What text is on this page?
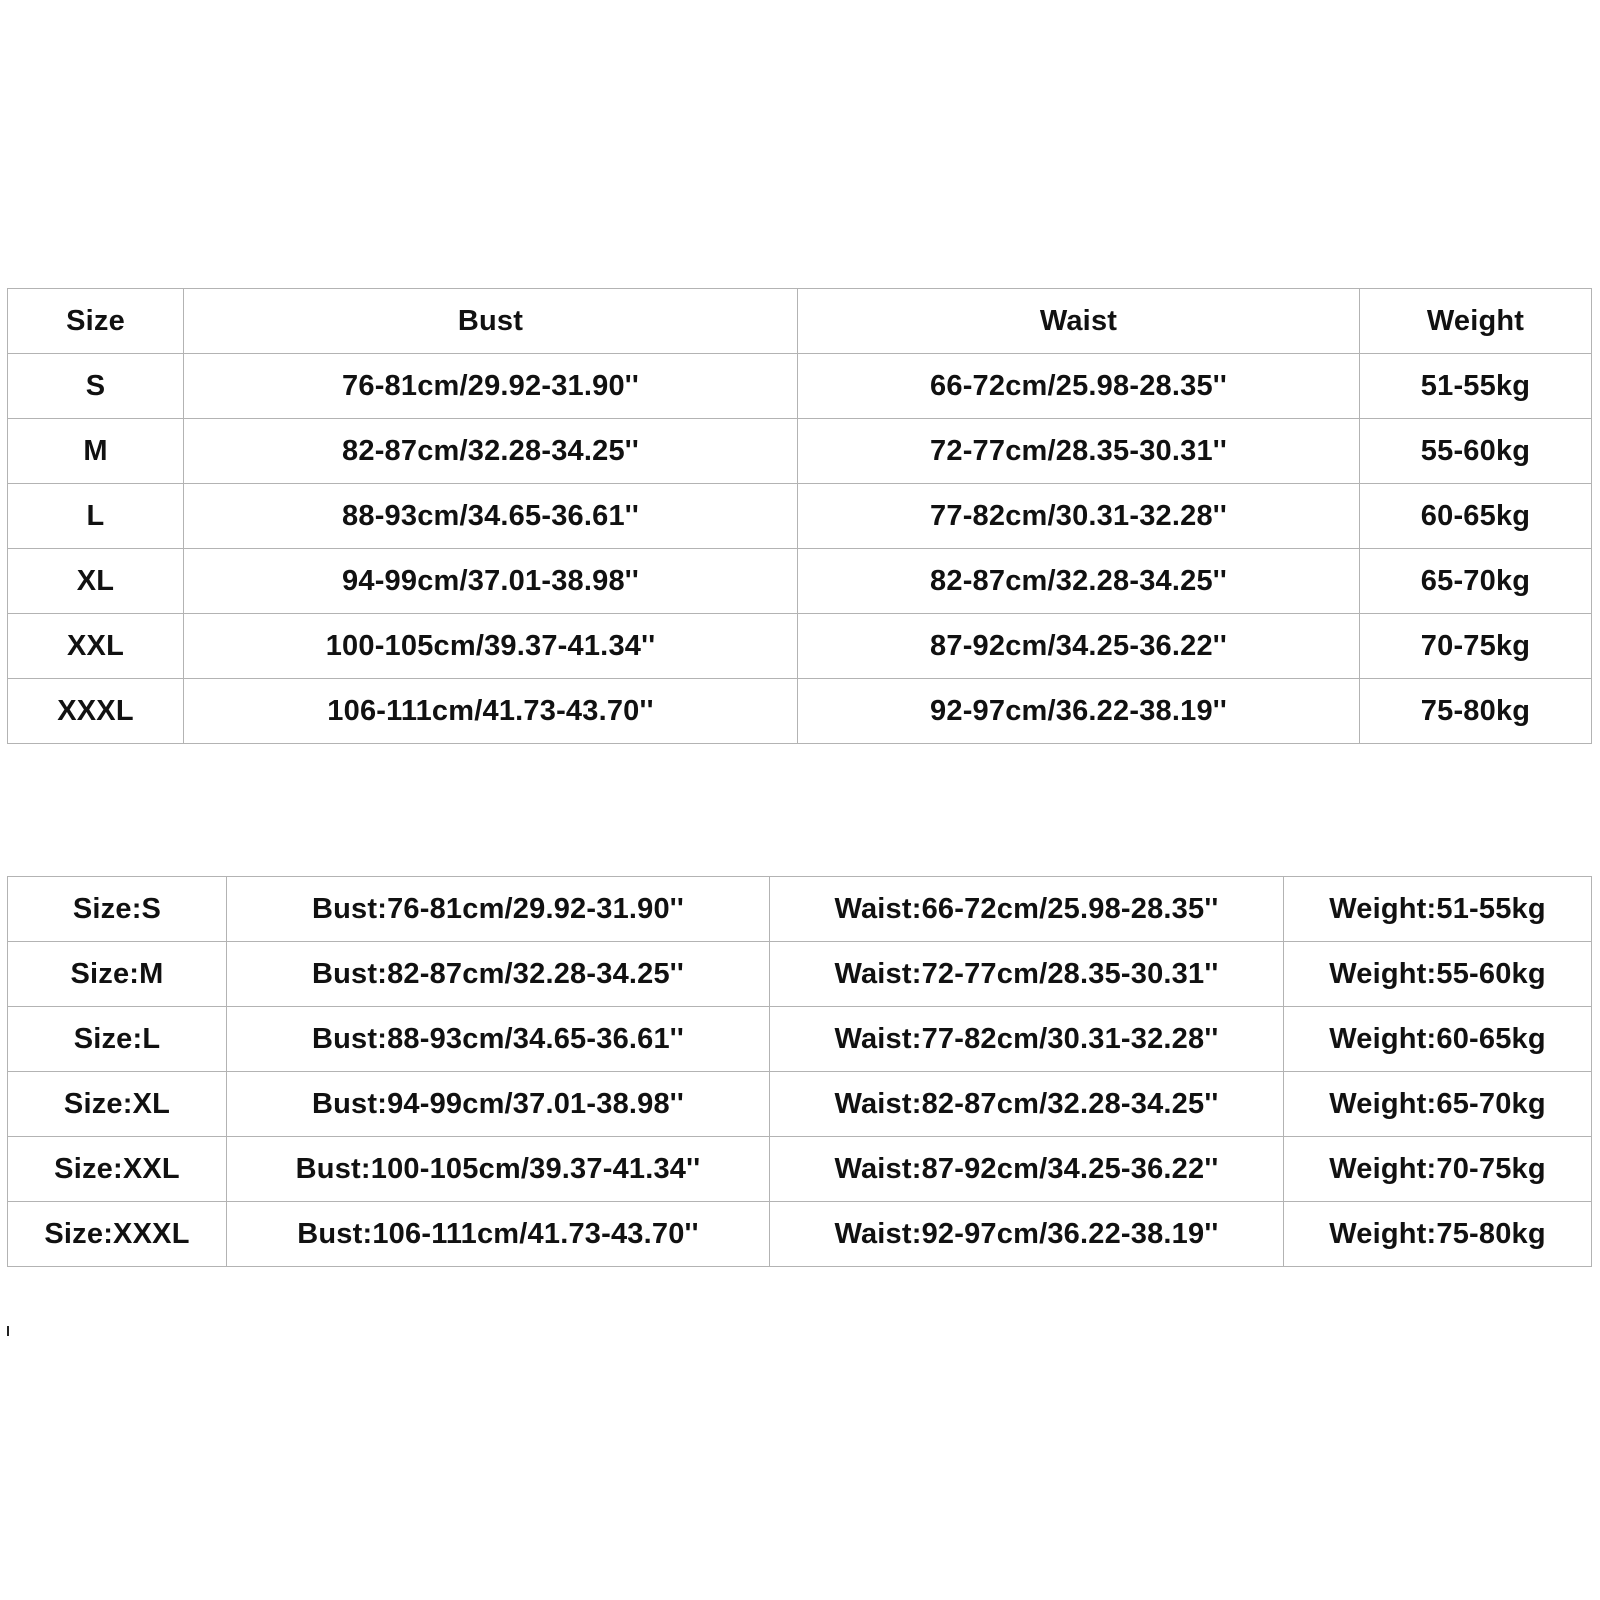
Size	Bust	Waist	Weight
S	76-81cm/29.92-31.90''	66-72cm/25.98-28.35''	51-55kg
M	82-87cm/32.28-34.25''	72-77cm/28.35-30.31''	55-60kg
L	88-93cm/34.65-36.61''	77-82cm/30.31-32.28''	60-65kg
XL	94-99cm/37.01-38.98''	82-87cm/32.28-34.25''	65-70kg
XXL	100-105cm/39.37-41.34''	87-92cm/34.25-36.22''	70-75kg
XXXL	106-111cm/41.73-43.70''	92-97cm/36.22-38.19''	75-80kg
Size:S	Bust:76-81cm/29.92-31.90''	Waist:66-72cm/25.98-28.35''	Weight:51-55kg
Size:M	Bust:82-87cm/32.28-34.25''	Waist:72-77cm/28.35-30.31''	Weight:55-60kg
Size:L	Bust:88-93cm/34.65-36.61''	Waist:77-82cm/30.31-32.28''	Weight:60-65kg
Size:XL	Bust:94-99cm/37.01-38.98''	Waist:82-87cm/32.28-34.25''	Weight:65-70kg
Size:XXL	Bust:100-105cm/39.37-41.34''	Waist:87-92cm/34.25-36.22''	Weight:70-75kg
Size:XXXL	Bust:106-111cm/41.73-43.70''	Waist:92-97cm/36.22-38.19''	Weight:75-80kg
